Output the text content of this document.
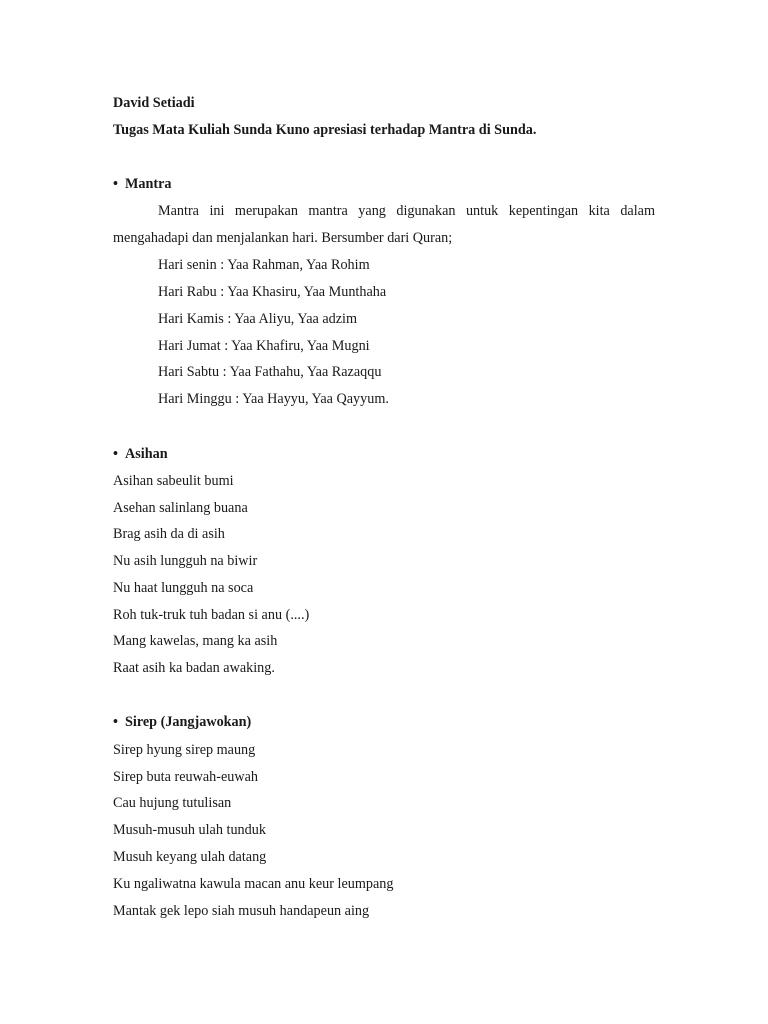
David Setiadi
Tugas Mata Kuliah Sunda Kuno apresiasi terhadap Mantra di Sunda.
• Mantra
Mantra ini merupakan mantra yang digunakan untuk kepentingan kita dalam
mengahadapi dan menjalankan hari. Bersumber dari Quran;
Hari senin : Yaa Rahman, Yaa Rohim
Hari Rabu : Yaa Khasiru, Yaa Munthaha
Hari Kamis : Yaa Aliyu, Yaa adzim
Hari Jumat : Yaa Khafiru, Yaa Mugni
Hari Sabtu : Yaa Fathahu, Yaa Razaqqu
Hari Minggu : Yaa Hayyu, Yaa Qayyum.
• Asihan
Asihan sabeulit bumi
Asehan salinlang buana
Brag asih da di asih
Nu asih lungguh na biwir
Nu haat lungguh na soca
Roh tuk-truk tuh badan si anu (....)
Mang kawelas, mang ka asih
Raat asih ka badan awaking.
• Sirep (Jangjawokan)
Sirep hyung sirep maung
Sirep buta reuwah-euwah
Cau hujung tutulisan
Musuh-musuh ulah tunduk
Musuh keyang ulah datang
Ku ngaliwatna kawula macan anu keur leumpang
Mantak gek lepo siah musuh handapeun aing
